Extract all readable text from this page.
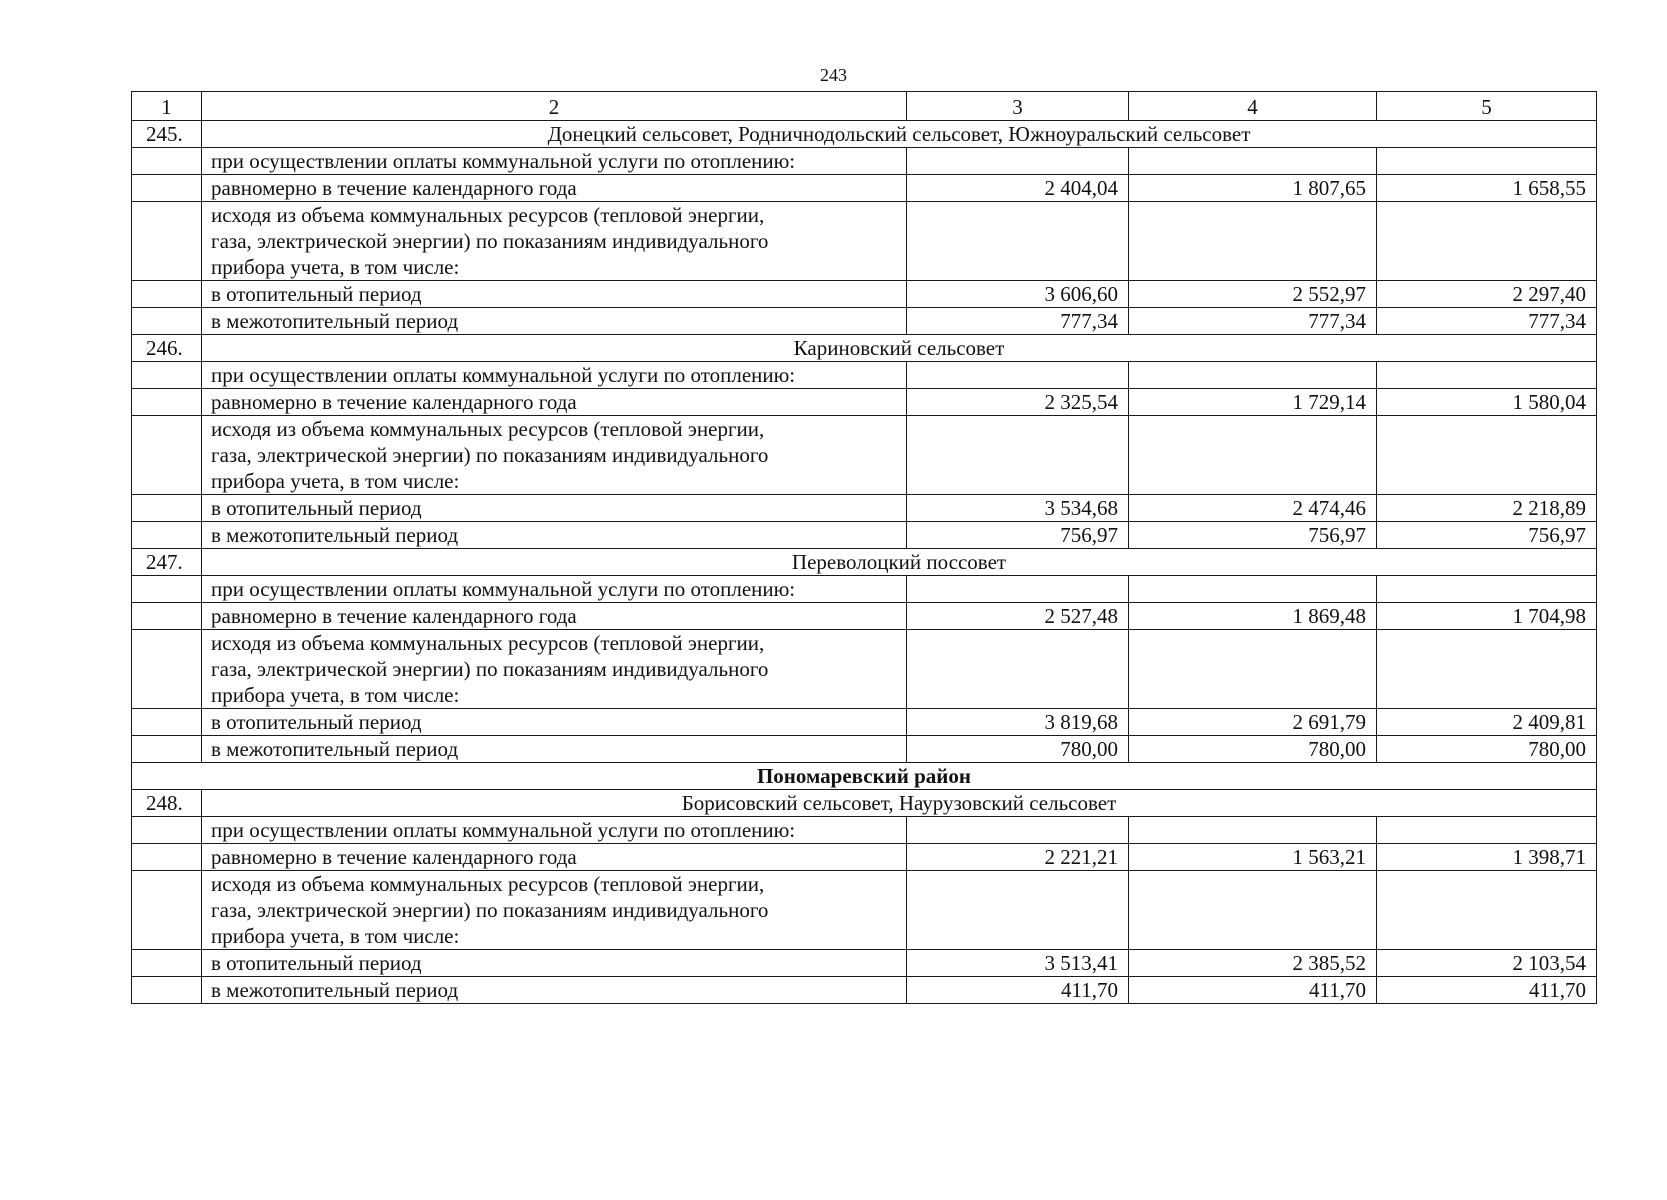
243
1	2	3	4	5
245.	Донецкий сельсовет, Родничнодольский сельсовет, Южноуральский сельсовет			
	при осуществлении оплаты коммунальной услуги по отоплению:			
	равномерно в течение календарного года	2 404,04	1 807,65	1 658,55

	исходя из объема коммунальных ресурсов (тепловой энергии,
газа, электрической энергии) по показаниям индивидуального
прибора учета, в том числе:			

	в отопительный период	3 606,60	2 552,97	2 297,40
	в межотопительный период	777,34	777,34	777,34
246.	Кариновский сельсовет			
	при осуществлении оплаты коммунальной услуги по отоплению:			
	равномерно в течение календарного года	2 325,54	1 729,14	1 580,04

	исходя из объема коммунальных ресурсов (тепловой энергии,
газа, электрической энергии) по показаниям индивидуального
прибора учета, в том числе:			

	в отопительный период	3 534,68	2 474,46	2 218,89
	в межотопительный период	756,97	756,97	756,97
247.	Переволоцкий поссовет			
	при осуществлении оплаты коммунальной услуги по отоплению:			
	равномерно в течение календарного года	2 527,48	1 869,48	1 704,98

	исходя из объема коммунальных ресурсов (тепловой энергии,
газа, электрической энергии) по показаниям индивидуального
прибора учета, в том числе:			

	в отопительный период	3 819,68	2 691,79	2 409,81
	в межотопительный период	780,00	780,00	780,00
Пономаревский район				
248.	Борисовский сельсовет, Наурузовский сельсовет			
	при осуществлении оплаты коммунальной услуги по отоплению:			
	равномерно в течение календарного года	2 221,21	1 563,21	1 398,71

	исходя из объема коммунальных ресурсов (тепловой энергии,
газа, электрической энергии) по показаниям индивидуального
прибора учета, в том числе:			

	в отопительный период	3 513,41	2 385,52	2 103,54
	в межотопительный период	411,70	411,70	411,70
